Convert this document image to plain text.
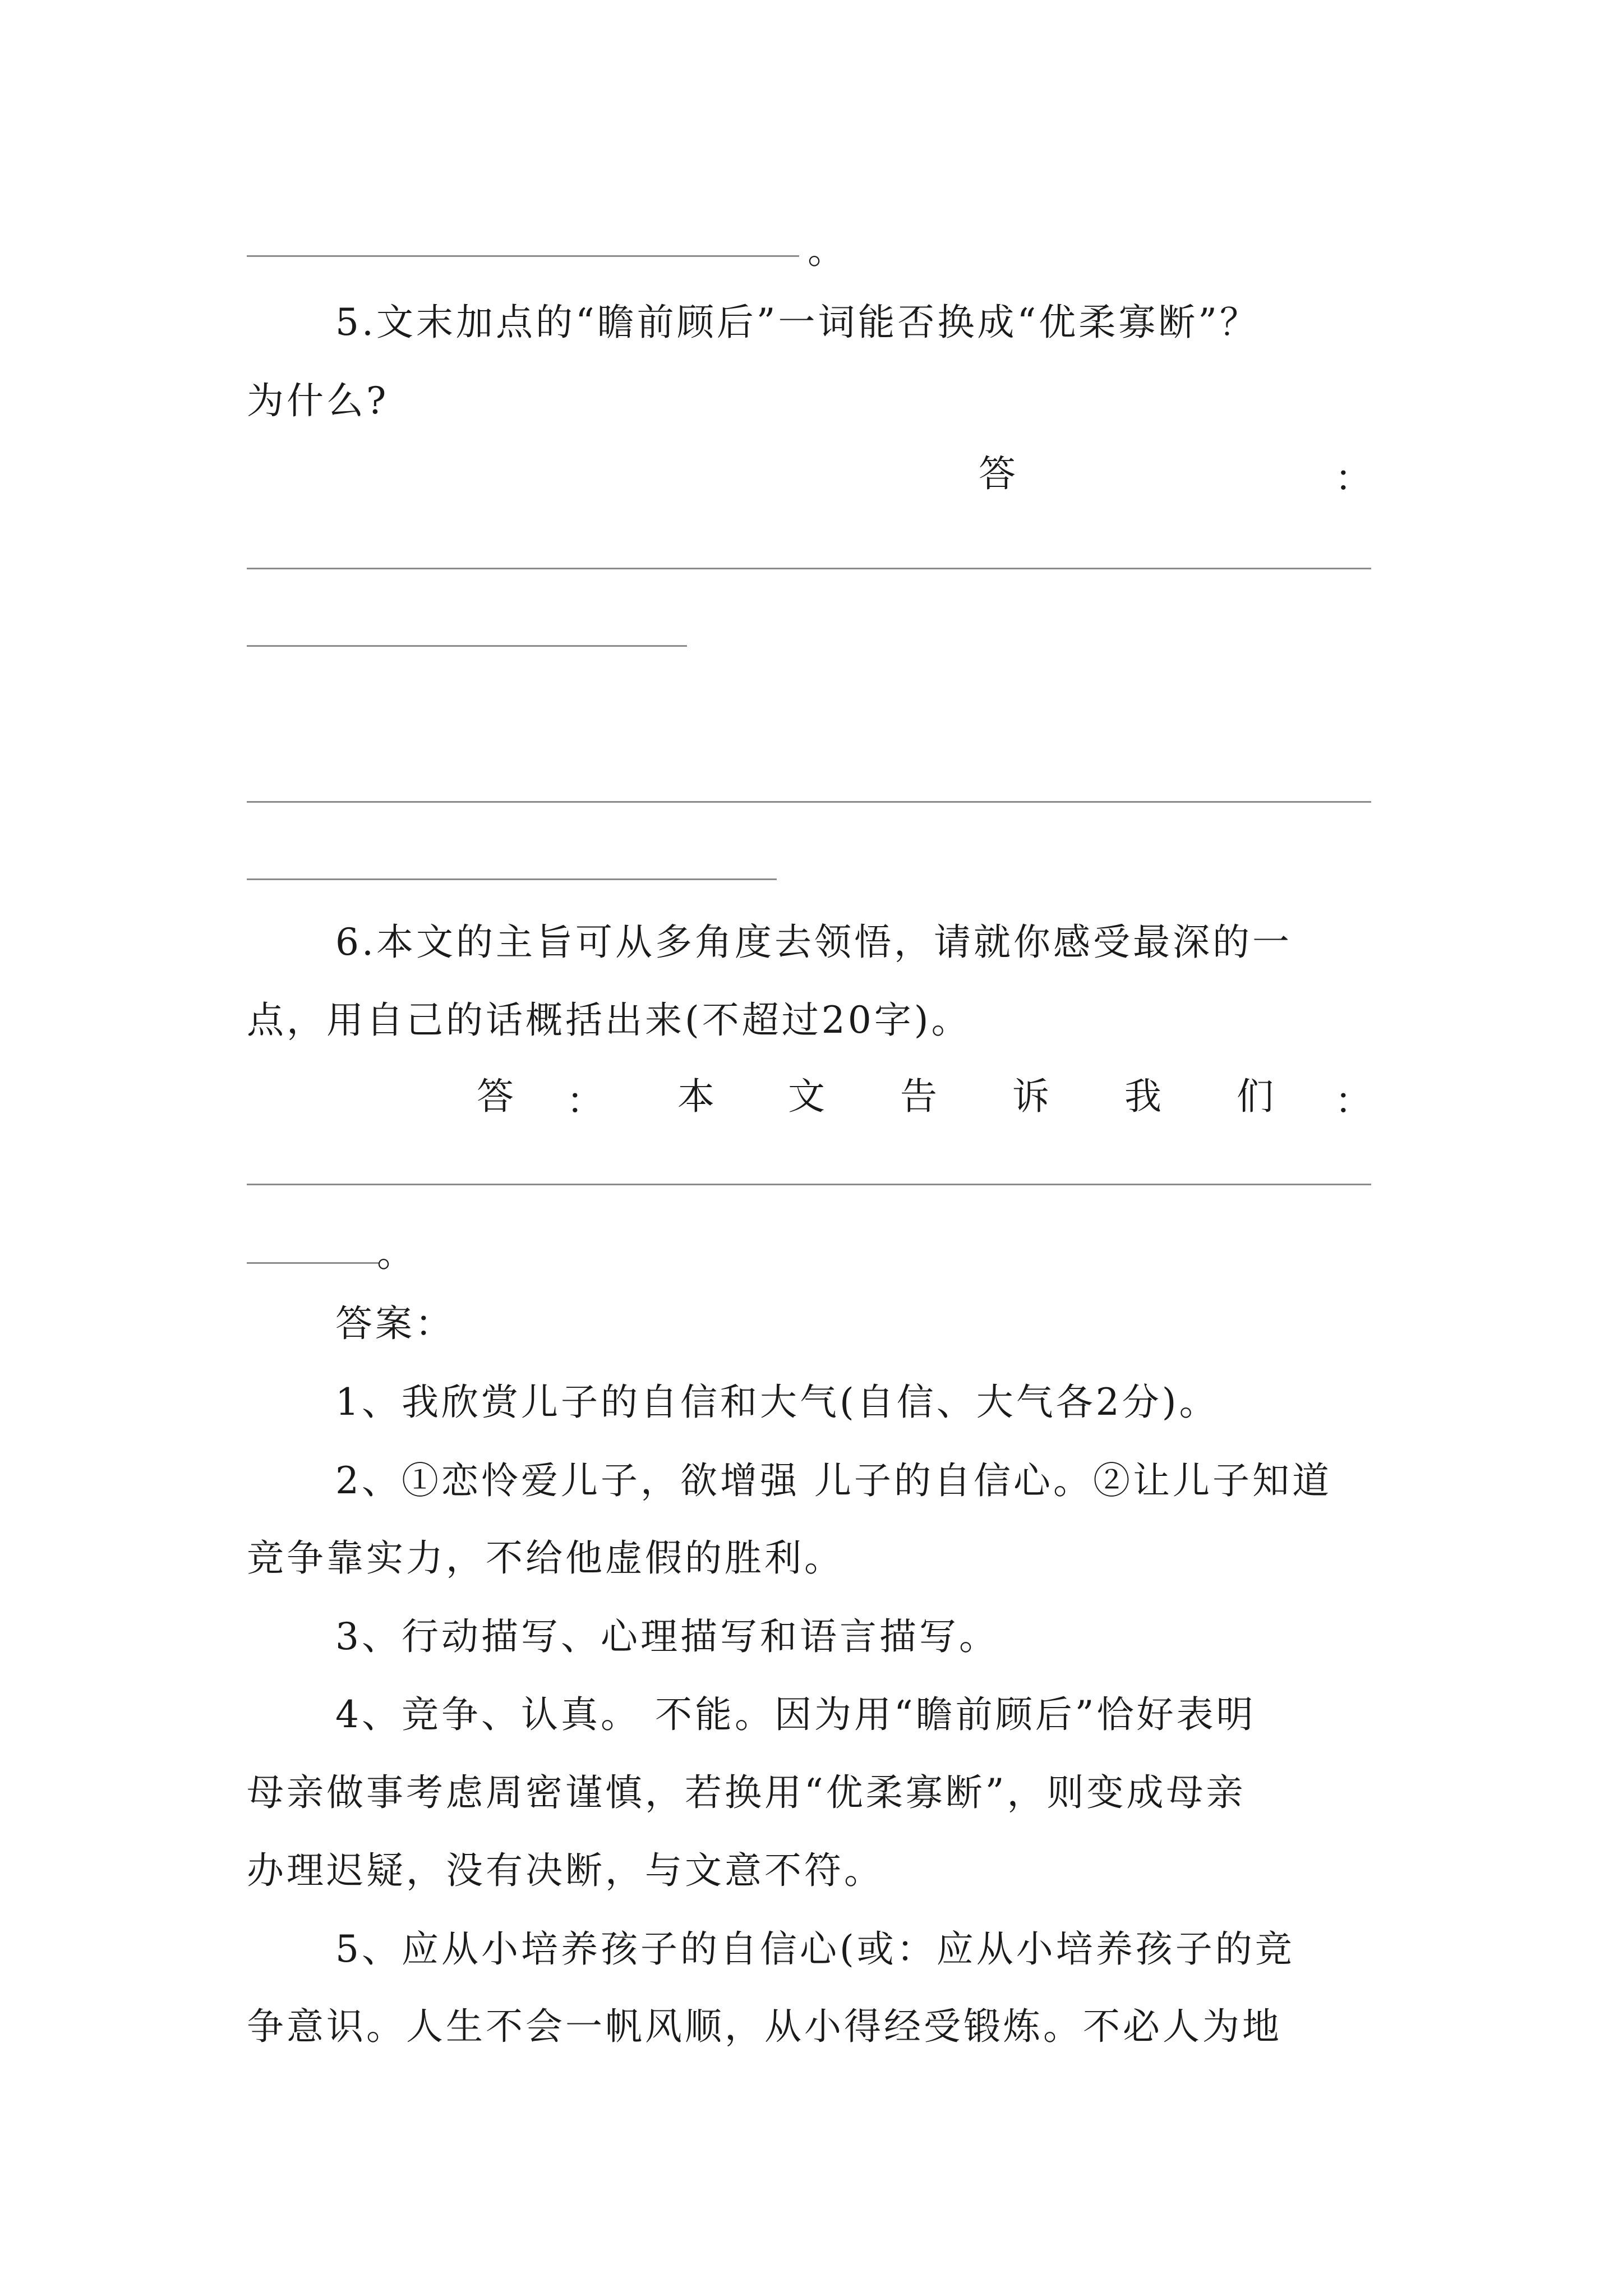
。
5.文末加点的“瞻前顾后”一词能否换成“优柔寡断”？
为什么?
答	：
6.本文的主旨可从多角度去领悟，请就你感受最深的一
点，用自己的话概括出来(不超过20字)。
答 ： 本 文 告 诉 我 们 ：
。
答案：
1、我欣赏儿子的自信和大气(自信、大气各2分)。
2、①恋怜爱儿子，欲增强 儿子的自信心。②让儿子知道
竞争靠实力，不给他虚假的胜利。
3、行动描写、心理描写和语言描写。
4、竞争、认真。 不能。因为用“瞻前顾后”恰好表明
母亲做事考虑周密谨慎，若换用“优柔寡断”，则变成母亲
办理迟疑，没有决断，与文意不符。
5、应从小培养孩子的自信心(或：应从小培养孩子的竞
争意识。人生不会一帆风顺，从小得经受锻炼。不必人为地
